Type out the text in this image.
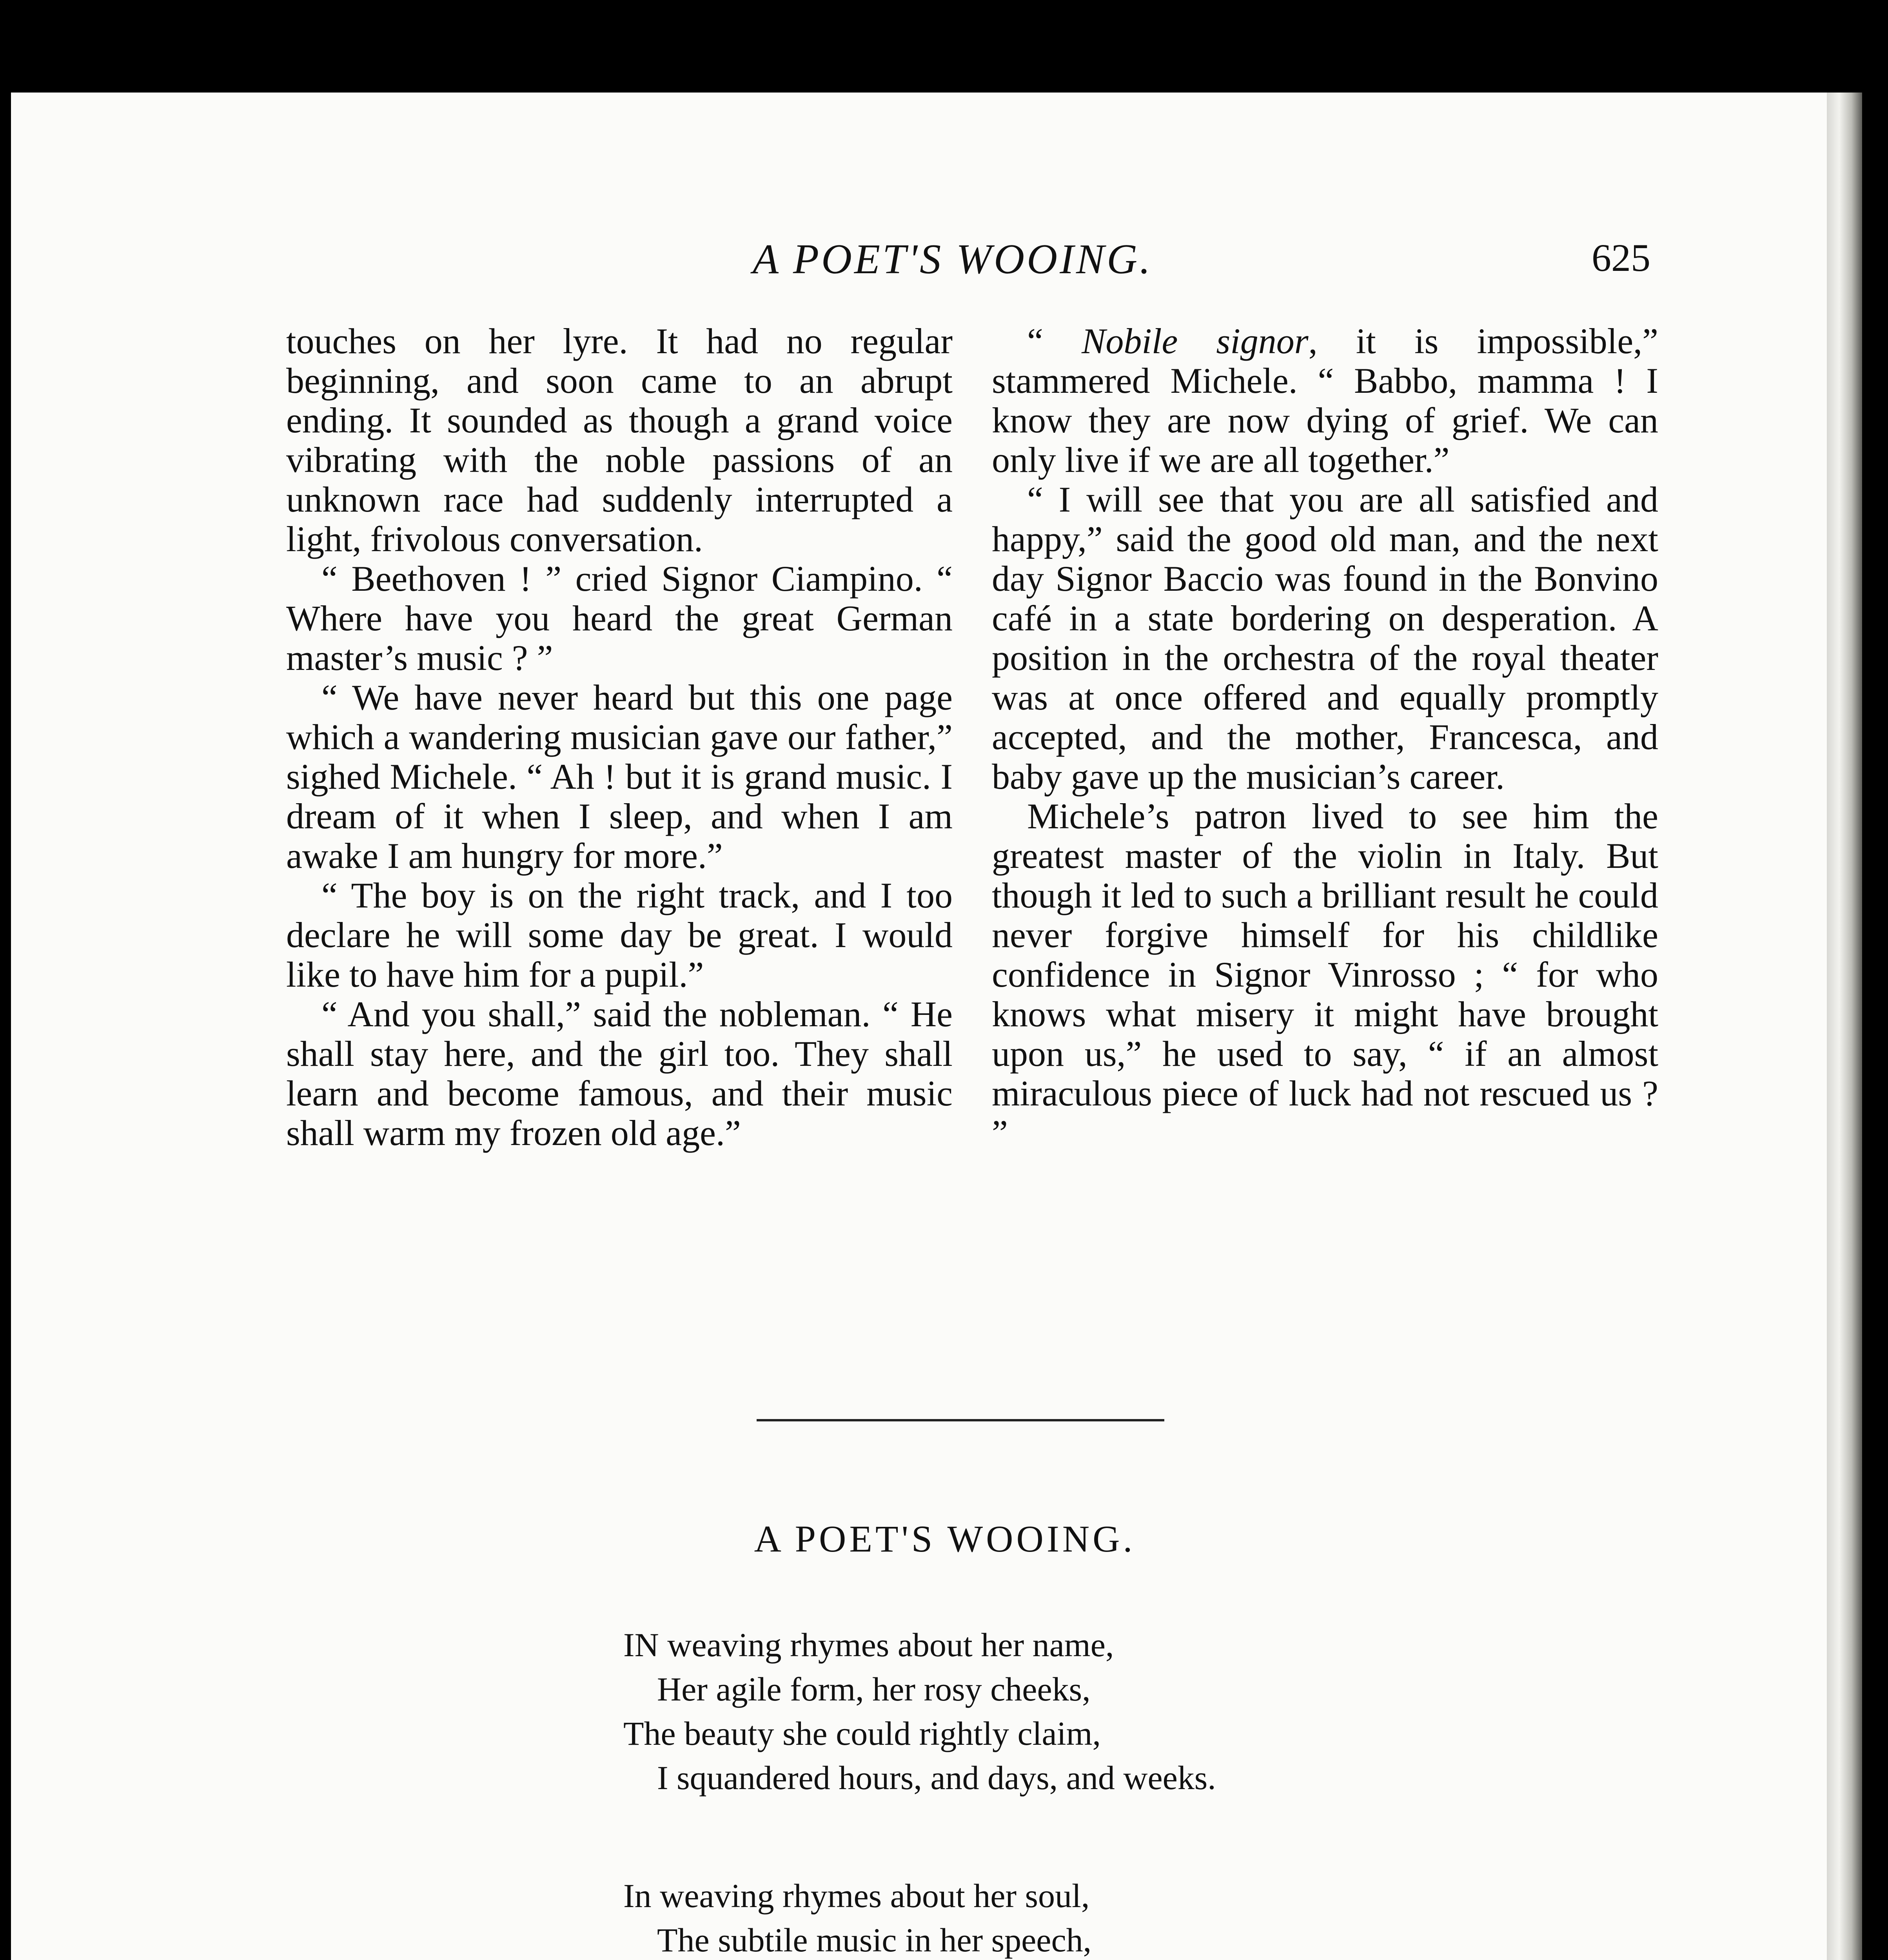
A POET'S WOOING.	625

touches on her lyre. It had no regular beginning, and soon came to an abrupt ending. It sounded as though a grand voice vibrating with the noble passions of an unknown race had suddenly interrupted a light, frivolous conversation.

“ Beethoven ! ” cried Signor Ciampino. “ Where have you heard the great German master’s music ? ”

“ We have never heard but this one page which a wandering musician gave our father,” sighed Michele. “ Ah ! but it is grand music. I dream of it when I sleep, and when I am awake I am hungry for more.”

“ The boy is on the right track, and I too declare he will some day be great. I would like to have him for a pupil.”

“ And you shall,” said the nobleman. “ He shall stay here, and the girl too. They shall learn and become famous, and their music shall warm my frozen old age.”

“ Nobile signor, it is impossible,” stammered Michele. “ Babbo, mamma ! I know they are now dying of grief. We can only live if we are all together.”

“ I will see that you are all satisfied and happy,” said the good old man, and the next day Signor Baccio was found in the Bonvino café in a state bordering on desperation. A position in the orchestra of the royal theater was at once offered and equally promptly accepted, and the mother, Francesca, and baby gave up the musician’s career.

Michele’s patron lived to see him the greatest master of the violin in Italy. But though it led to such a brilliant result he could never forgive himself for his childlike confidence in Signor Vinrosso ; “ for who knows what misery it might have brought upon us,” he used to say, “ if an almost miraculous piece of luck had not rescued us ? ”

A POET'S WOOING.
IN weaving rhymes about her name,
Her agile form, her rosy cheeks,
The beauty she could rightly claim,
I squandered hours, and days, and weeks.
In weaving rhymes about her soul,
The subtile music in her speech,
